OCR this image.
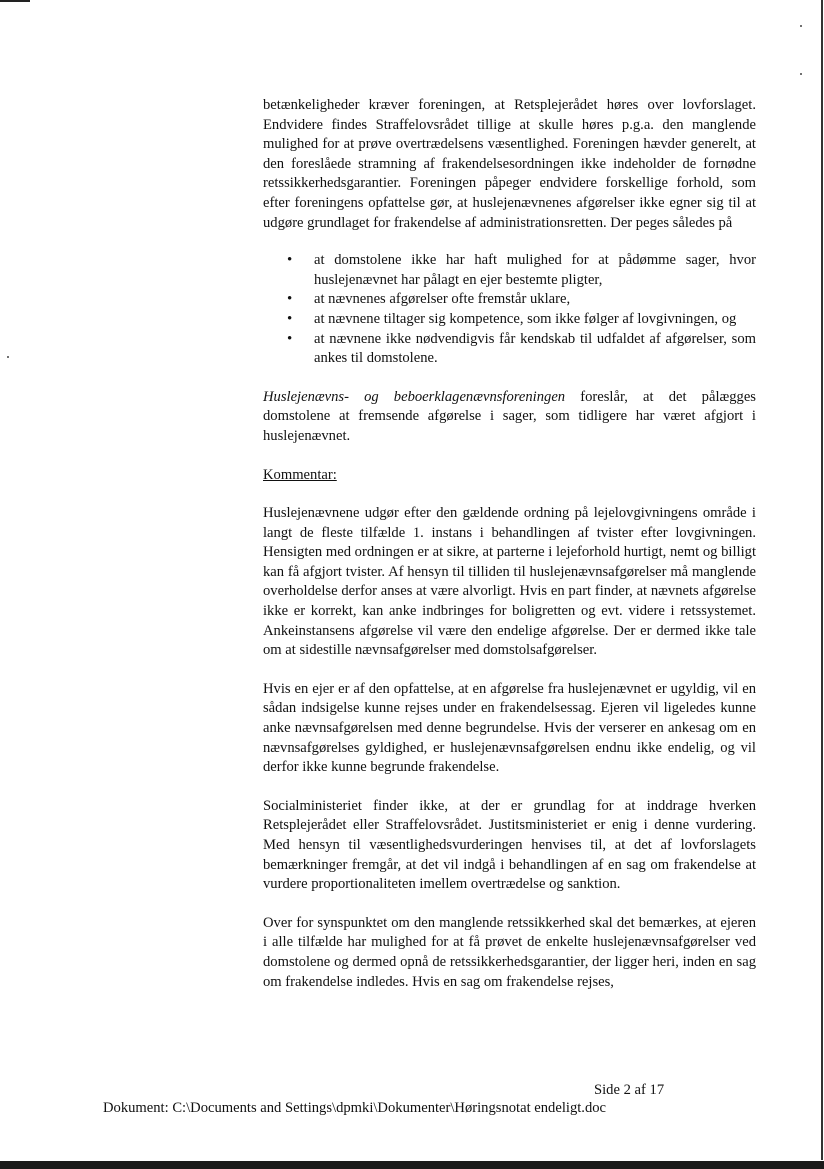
betænkeligheder kræver foreningen, at Retsplejerådet høres over lovforslaget. Endvidere findes Straffelovsrådet tillige at skulle høres p.g.a. den manglende mulighed for at prøve overtrædelsens væsentlighed. Foreningen hævder generelt, at den foreslåede stramning af frakendelsesordningen ikke indeholder de fornødne retssikkerhedsgarantier. Foreningen påpeger endvidere forskellige forhold, som efter foreningens opfattelse gør, at huslejenævnenes afgørelser ikke egner sig til at udgøre grundlaget for frakendelse af administrationsretten. Der peges således på

• at domstolene ikke har haft mulighed for at pådømme sager, hvor huslejenævnet har pålagt en ejer bestemte pligter,
• at nævnenes afgørelser ofte fremstår uklare,
• at nævnene tiltager sig kompetence, som ikke følger af lovgivningen, og
• at nævnene ikke nødvendigvis får kendskab til udfaldet af afgørelser, som ankes til domstolene.

Huslejenævns- og beboerklagenævnsforeningen foreslår, at det pålægges domstolene at fremsende afgørelse i sager, som tidligere har været afgjort i huslejenævnet.

Kommentar:

Huslejenævnene udgør efter den gældende ordning på lejelovgivningens område i langt de fleste tilfælde 1. instans i behandlingen af tvister efter lovgivningen. Hensigten med ordningen er at sikre, at parterne i lejeforhold hurtigt, nemt og billigt kan få afgjort tvister. Af hensyn til tilliden til huslejenævnsafgørelser må manglende overholdelse derfor anses at være alvorligt. Hvis en part finder, at nævnets afgørelse ikke er korrekt, kan anke indbringes for boligretten og evt. videre i retssystemet. Ankeinstansens afgørelse vil være den endelige afgørelse. Der er dermed ikke tale om at sidestille nævnsafgørelser med domstolsafgørelser.

Hvis en ejer er af den opfattelse, at en afgørelse fra huslejenævnet er ugyldig, vil en sådan indsigelse kunne rejses under en frakendelsessag. Ejeren vil ligeledes kunne anke nævnsafgørelsen med denne begrundelse. Hvis der verserer en ankesag om en nævnsafgørelses gyldighed, er huslejenævnsafgørelsen endnu ikke endelig, og vil derfor ikke kunne begrunde frakendelse.

Socialministeriet finder ikke, at der er grundlag for at inddrage hverken Retsplejerådet eller Straffelovsrådet. Justitsministeriet er enig i denne vurdering. Med hensyn til væsentlighedsvurderingen henvises til, at det af lovforslagets bemærkninger fremgår, at det vil indgå i behandlingen af en sag om frakendelse at vurdere proportionaliteten imellem overtrædelse og sanktion.

Over for synspunktet om den manglende retssikkerhed skal det bemærkes, at ejeren i alle tilfælde har mulighed for at få prøvet de enkelte huslejenævnsafgørelser ved domstolene og dermed opnå de retssikkerhedsgarantier, der ligger heri, inden en sag om frakendelse indledes. Hvis en sag om frakendelse rejses,

Side 2 af 17
Dokument: C:\Documents and Settings\dpmki\Dokumenter\Høringsnotat endeligt.doc
